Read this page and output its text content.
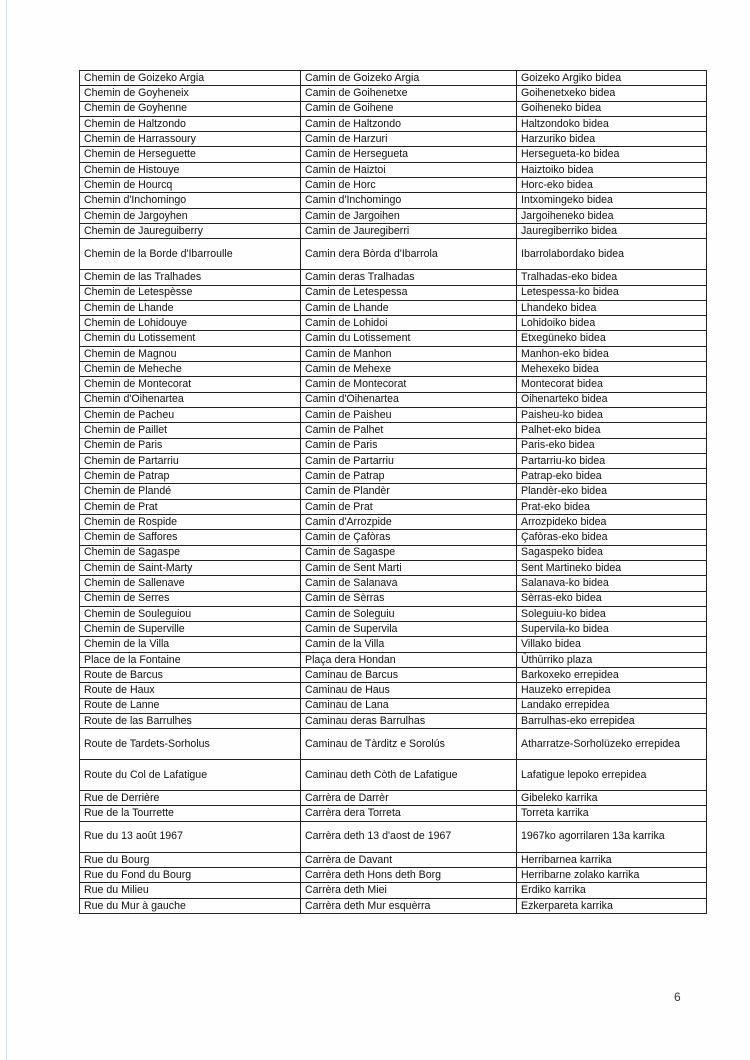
Chemin de Goizeko Argia	Camin de Goizeko Argia	Goizeko Argiko bidea
Chemin de Goyheneix	Camin de Goihenetxe	Goihenetxeko bidea
Chemin de Goyhenne	Camin de Goihene	Goiheneko bidea
Chemin de Haltzondo	Camin de Haltzondo	Haltzondoko bidea
Chemin de Harrassoury	Camin de Harzuri	Harzuriko bidea
Chemin de Herseguette	Camin de Hersegueta	Hersegueta-ko bidea
Chemin de Histouye	Camin de Haiztoi	Haiztoiko bidea
Chemin de Hourcq	Camin de Horc	Horc-eko bidea
Chemin d'Inchomingo	Camin d'Inchomingo	Intxomingeko bidea
Chemin de Jargoyhen	Camin de Jargoihen	Jargoiheneko bidea
Chemin de Jaureguiberry	Camin de Jauregiberri	Jauregiberriko bidea
Chemin de la Borde d'Ibarroulle	Camin dera Bòrda d'Ibarrola	Ibarrolabordako bidea
Chemin de las Tralhades	Camin deras Tralhadas	Tralhadas-eko bidea
Chemin de Letespèsse	Camin de Letespessa	Letespessa-ko bidea
Chemin de Lhande	Camin de Lhande	Lhandeko bidea
Chemin de Lohidouye	Camin de Lohidoi	Lohidoiko bidea
Chemin du Lotissement	Camin du Lotissement	Etxegüneko bidea
Chemin de Magnou	Camin de Manhon	Manhon-eko bidea
Chemin de Meheche	Camin de Mehexe	Mehexeko bidea
Chemin de Montecorat	Camin de Montecorat	Montecorat bidea
Chemin d'Oihenartea	Camin d'Oihenartea	Oihenarteko bidea
Chemin de Pacheu	Camin de Paisheu	Paisheu-ko bidea
Chemin de Paillet	Camin de Palhet	Palhet-eko bidea
Chemin de Paris	Camin de Paris	Paris-eko bidea
Chemin de Partarriu	Camin de Partarriu	Partarriu-ko bidea
Chemin de Patrap	Camin de Patrap	Patrap-eko bidea
Chemin de Plandé	Camin de Plandèr	Plandèr-eko bidea
Chemin de Prat	Camin de Prat	Prat-eko bidea
Chemin de Rospide	Camin d'Arrozpide	Arrozpideko bidea
Chemin de Saffores	Camin de Çafòras	Çafòras-eko bidea
Chemin de Sagaspe	Camin de Sagaspe	Sagaspeko bidea
Chemin de Saint-Marty	Camin de Sent Marti	Sent Martineko bidea
Chemin de Sallenave	Camin de Salanava	Salanava-ko bidea
Chemin de Serres	Camin de Sèrras	Sèrras-eko bidea
Chemin de Souleguiou	Camin de Soleguiu	Soleguiu-ko bidea
Chemin de Superville	Camin de Supervila	Supervila-ko bidea
Chemin de la Villa	Camin de la Villa	Villako bidea
Place de la Fontaine	Plaça dera Hondan	Ūthūrriko plaza
Route de Barcus	Caminau de Barcus	Barkoxeko errepidea
Route de Haux	Caminau de Haus	Hauzeko errepidea
Route de Lanne	Caminau de Lana	Landako errepidea
Route de las Barrulhes	Caminau deras Barrulhas	Barrulhas-eko errepidea
Route de Tardets-Sorholus	Caminau de Tàrditz e Sorolús	Atharratze-Sorholüzeko errepidea
Route du Col de Lafatigue	Caminau deth Còth de Lafatigue	Lafatigue lepoko errepidea
Rue de Derrière	Carrèra de Darrèr	Gibeleko karrika
Rue de la Tourrette	Carrèra dera Torreta	Torreta karrika
Rue du 13 août 1967	Carrèra deth 13 d'aost de 1967	1967ko agorrilaren 13a karrika
Rue du Bourg	Carrèra de Davant	Herribarnea karrika
Rue du Fond du Bourg	Carrèra deth Hons deth Borg	Herribarne zolako karrika
Rue du Milieu	Carrèra deth Miei	Erdiko karrika
Rue du Mur à gauche	Carrèra deth Mur esquèrra	Ezkerpareta karrika
6
